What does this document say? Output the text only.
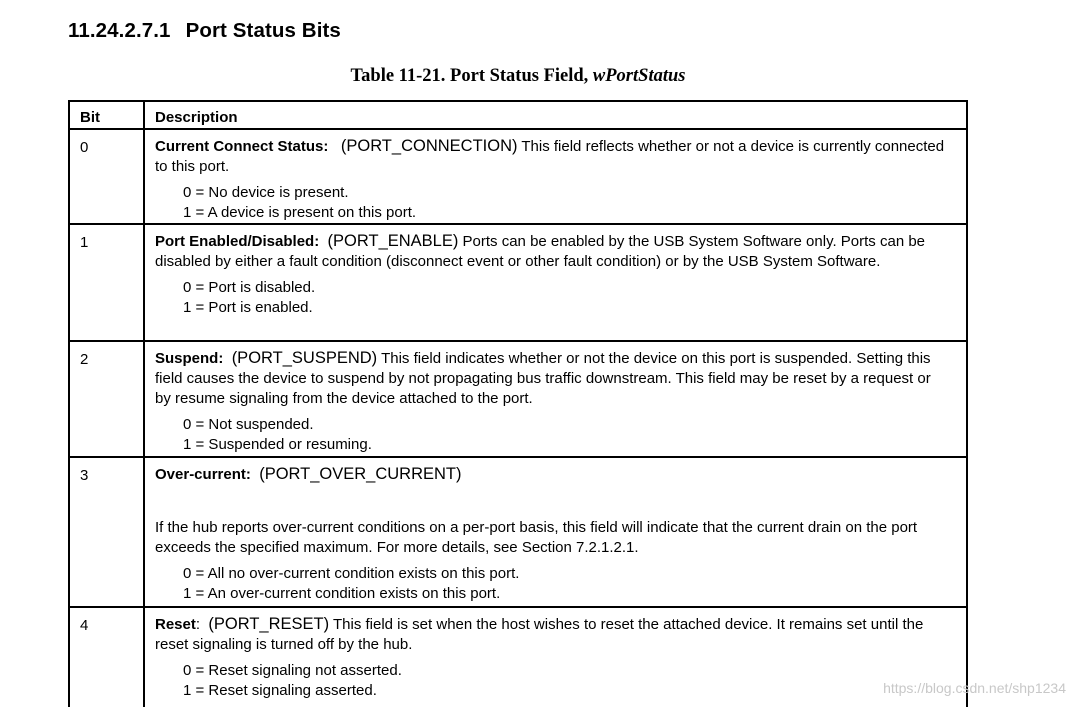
11.24.2.7.1 Port Status Bits
Table 11-21. Port Status Field, wPortStatus
Bit	Description
0	Current Connect Status: (PORT_CONNECTION) This field reflects whether or not a device is currently connected to this port.
0 = No device is present.
1 = A device is present on this port.

1	Port Enabled/Disabled: (PORT_ENABLE) Ports can be enabled by the USB System Software only. Ports can be disabled by either a fault condition (disconnect event or other fault condition) or by the USB System Software.
0 = Port is disabled.
1 = Port is enabled.

2	Suspend: (PORT_SUSPEND) This field indicates whether or not the device on this port is suspended. Setting this field causes the device to suspend by not propagating bus traffic downstream. This field may be reset by a request or by resume signaling from the device attached to the port.
0 = Not suspended.
1 = Suspended or resuming.

3	Over-current: (PORT_OVER_CURRENT)
If the hub reports over-current conditions on a per-port basis, this field will indicate that the current drain on the port exceeds the specified maximum. For more details, see Section 7.2.1.2.1.
0 = All no over-current condition exists on this port.
1 = An over-current condition exists on this port.

4	Reset: (PORT_RESET) This field is set when the host wishes to reset the attached device. It remains set until the reset signaling is turned off by the hub.
0 = Reset signaling not asserted.
1 = Reset signaling asserted.	https://blog.csdn.net/shp1234
